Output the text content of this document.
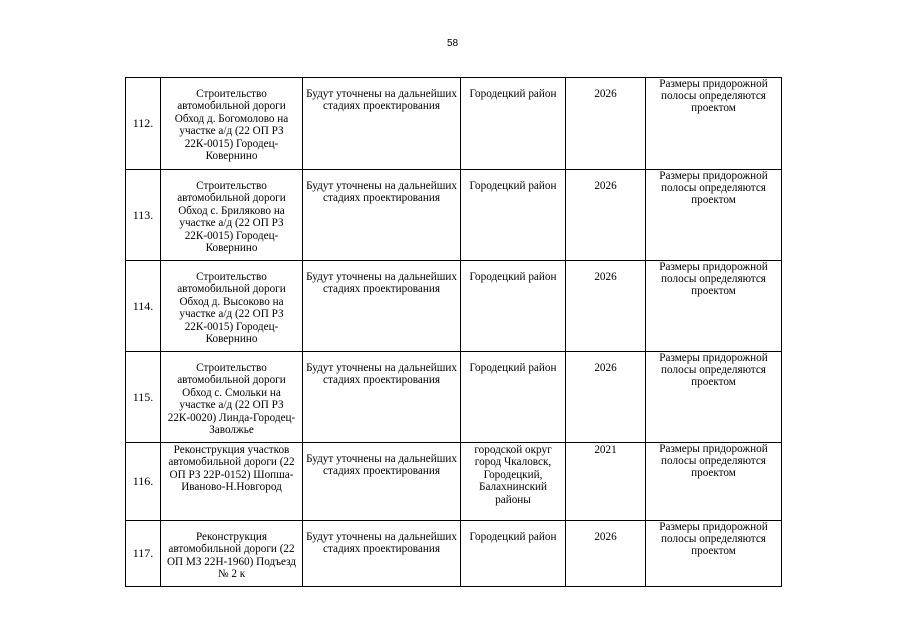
58
112.	Строительство автомобильной дороги Обход д. Богомолово на участке а/д (22 ОП РЗ 22К-0015) Городец-Ковернино	Будут уточнены на дальнейших стадиях проектирования	Городецкий район	2026	Размеры придорожной полосы определяются проектом
113.	Строительство автомобильной дороги Обход с. Бриляково на участке а/д (22 ОП РЗ 22К-0015) Городец-Ковернино	Будут уточнены на дальнейших стадиях проектирования	Городецкий район	2026	Размеры придорожной полосы определяются проектом
114.	Строительство автомобильной дороги Обход д. Высоково на участке а/д (22 ОП РЗ 22К-0015) Городец-Ковернино	Будут уточнены на дальнейших стадиях проектирования	Городецкий район	2026	Размеры придорожной полосы определяются проектом
115.	Строительство автомобильной дороги Обход с. Смольки на участке а/д (22 ОП РЗ 22К-0020) Линда-Городец-Заволжье	Будут уточнены на дальнейших стадиях проектирования	Городецкий район	2026	Размеры придорожной полосы определяются проектом
116.	Реконструкция участков автомобильной дороги (22 ОП РЗ 22Р-0152) Шопша-Иваново-Н.Новгород	Будут уточнены на дальнейших стадиях проектирования	городской округ город Чкаловск, Городецкий, Балахнинский районы	2021	Размеры придорожной полосы определяются проектом
117.	Реконструкция автомобильной дороги (22 ОП МЗ 22Н-1960) Подъезд № 2 к	Будут уточнены на дальнейших стадиях проектирования	Городецкий район	2026	Размеры придорожной полосы определяются проектом
